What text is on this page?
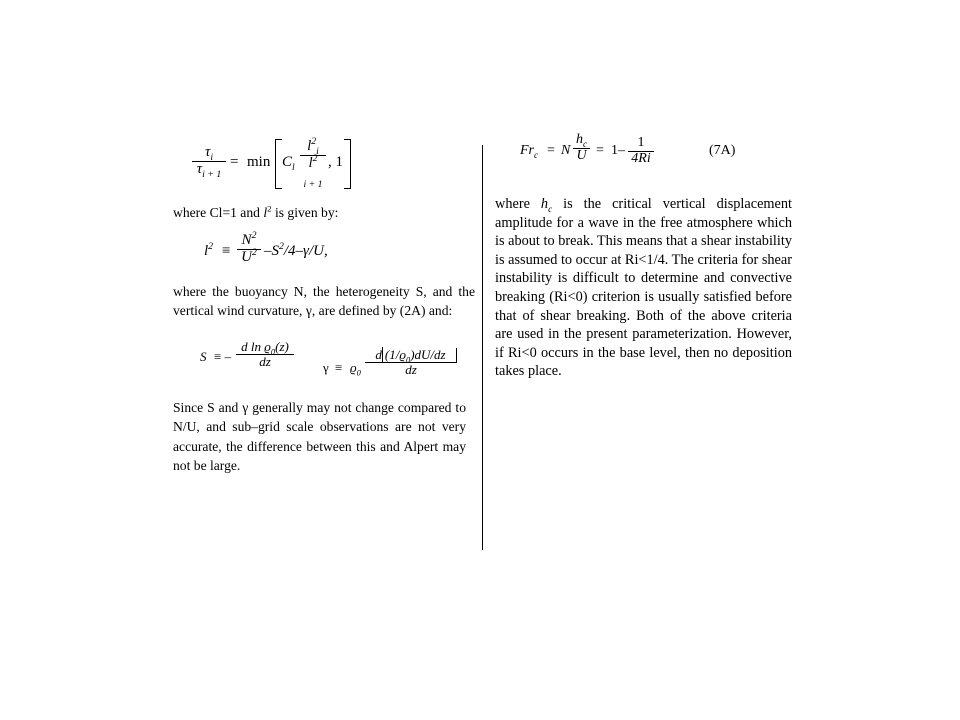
$\frac{\tau_i}{\tau_{i + 1}} = \min C_l$
$l^2_i$
$l^2$
$_{i + 1}$
, 1
where Cl=1 and $l^2$ is given by:
$l^2 \equiv \frac{N^2}{U^2} -S^2/4-\gamma/U$,
where the buoyancy N, the heterogeneity S, and the vertical wind curvature, γ, are defined by (2A) and:
S ≡ – $\frac{d \ln ϱ_0(z)}{dz}$ $\gamma \equiv ϱ_0 \frac{d (1/ϱ_0)dU/dz}{dz}$
Since S and γ generally may not change compared to N/U, and sub–grid scale observations are not very accurate, the difference between this and Alpert may not be large.
$Fr_c = N \frac{h_c}{U} = 1- \frac{1}{4Ri}$	(7A)
where $h_c$ is the critical vertical displacement amplitude for a wave in the free atmosphere which is about to break. This means that a shear instability is assumed to occur at Ri<1/4. The criteria for shear instability is difficult to determine and convective breaking (Ri<0) criterion is usually satisfied before that of shear breaking. Both of the above criteria are used in the present parameterization. However, if Ri<0 occurs in the base level, then no deposition takes place.
